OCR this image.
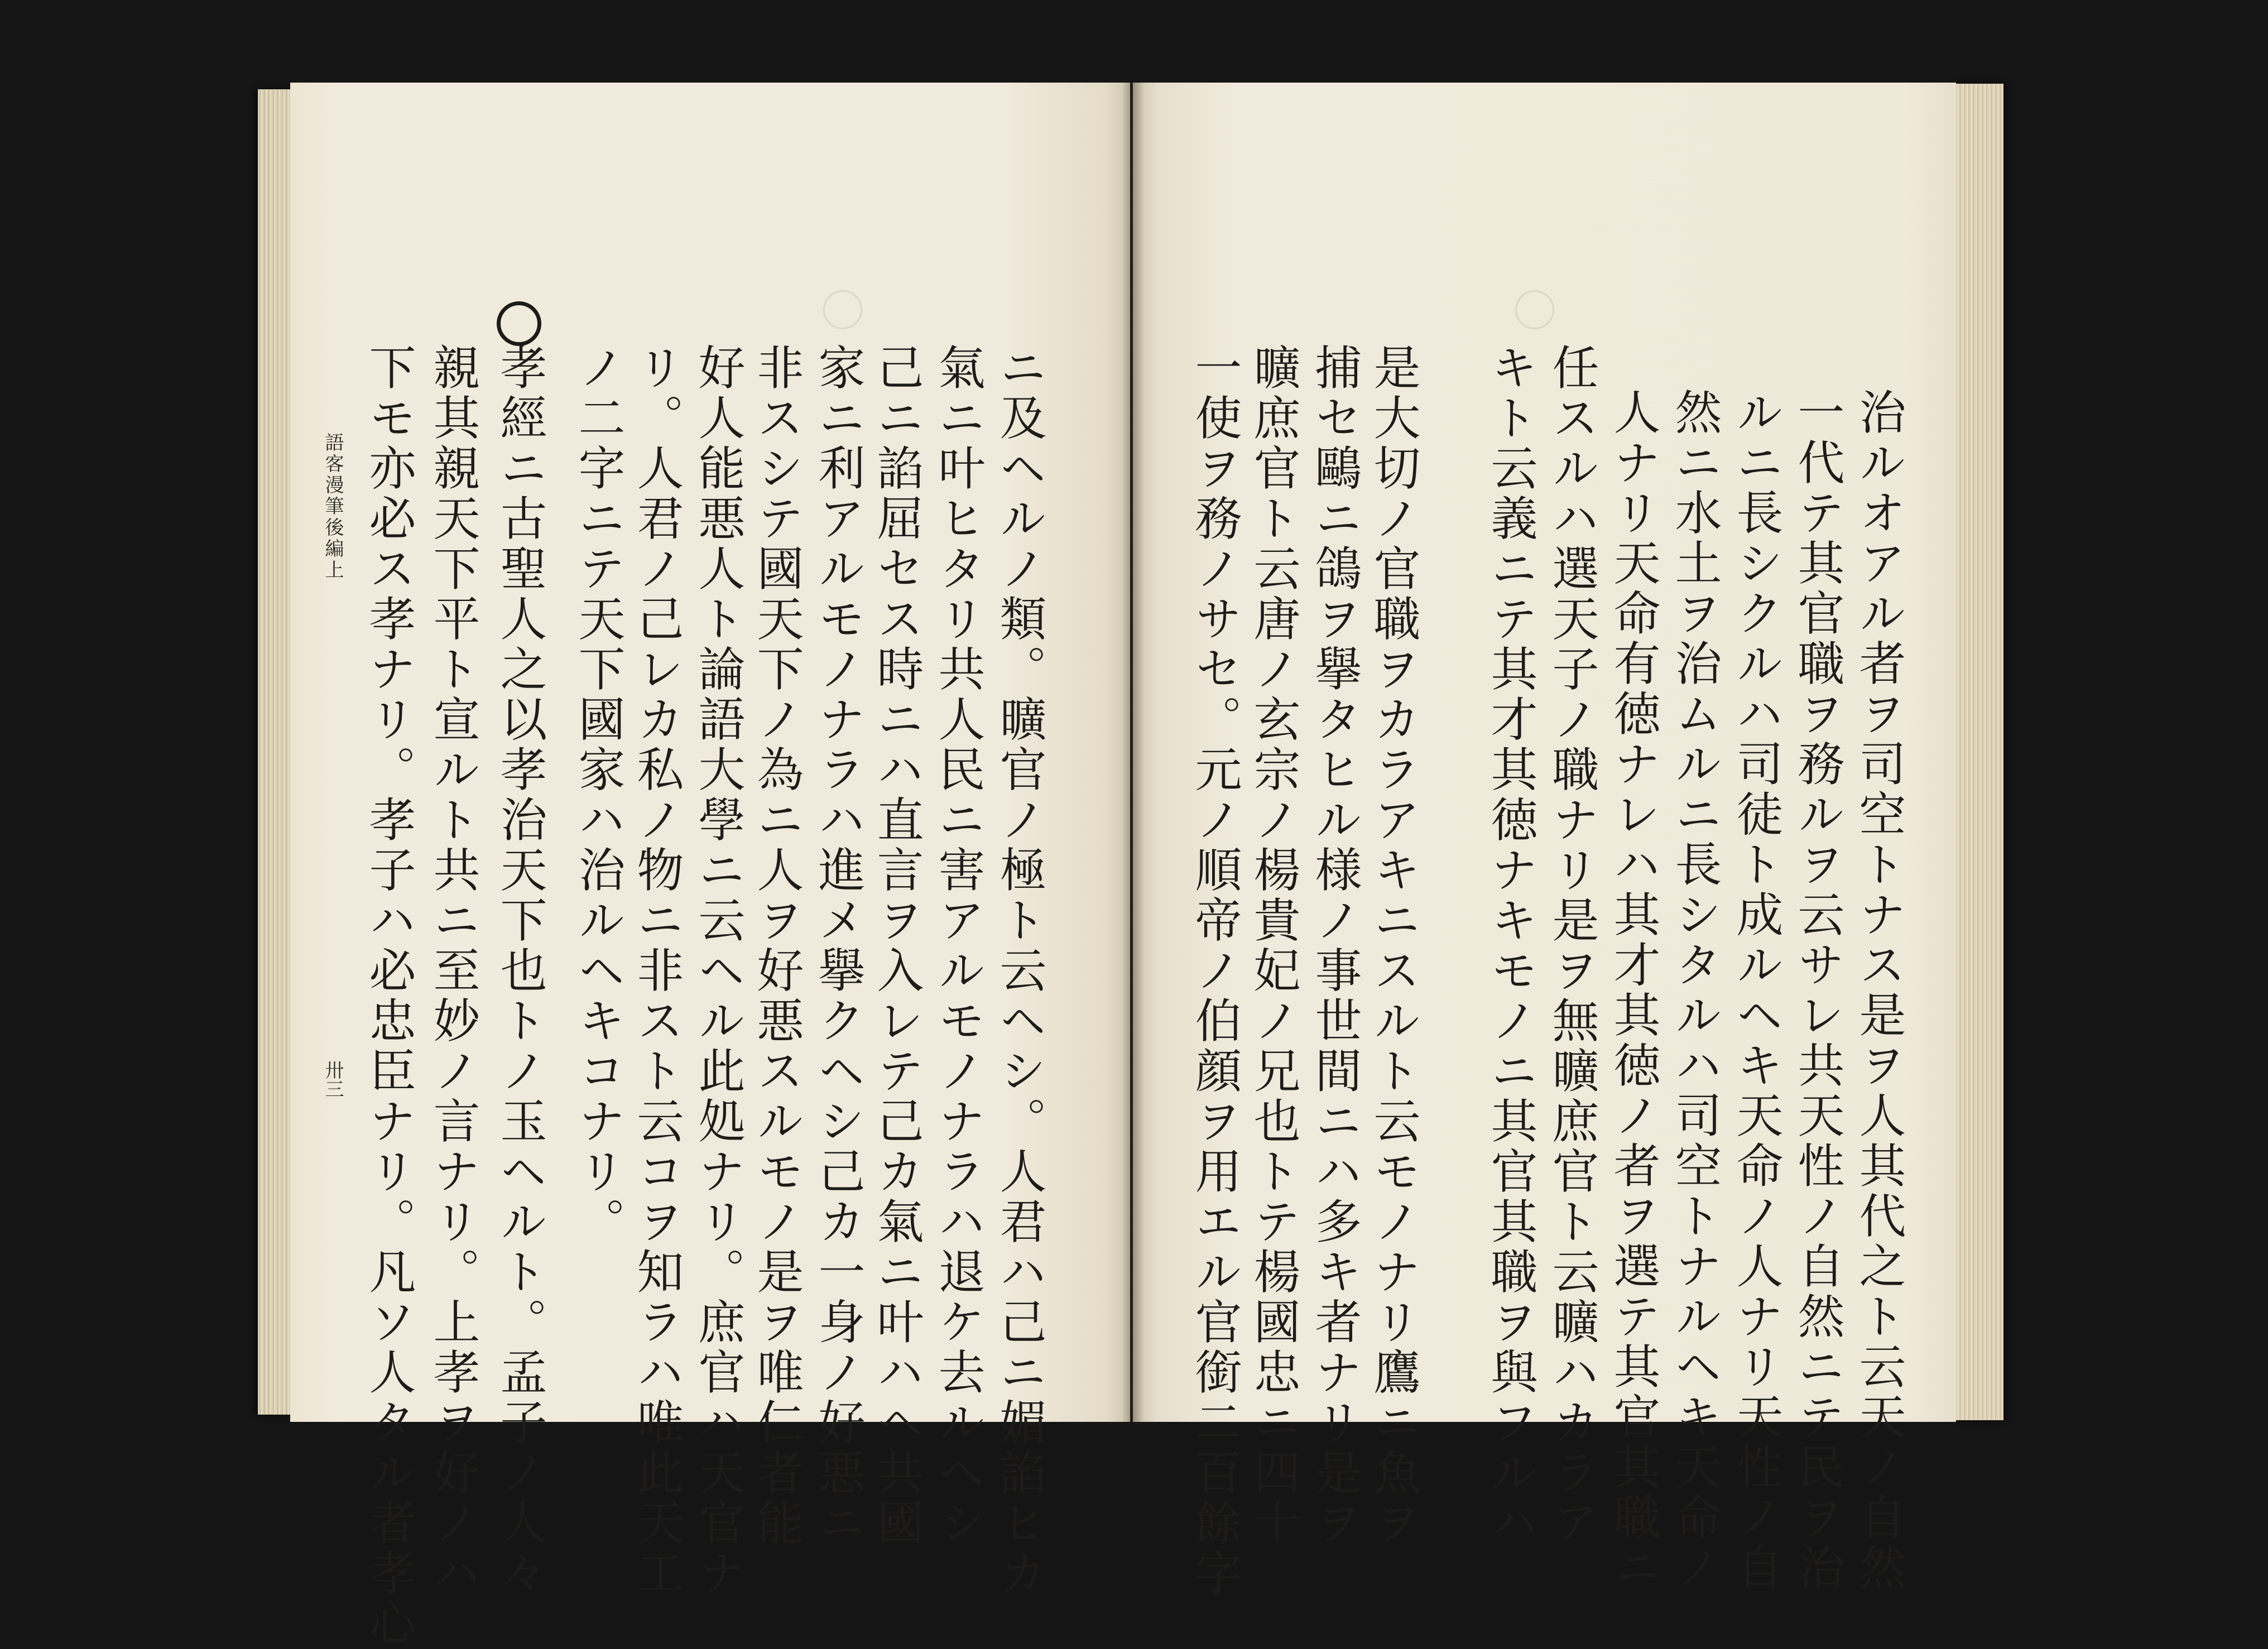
ニ及ヘルノ類。曠官ノ極ト云ヘシ。人君ハ己ニ媚諂ヒカ
氣ニ叶ヒタリ共人民ニ害アルモノナラハ退ケ去ルヘシ
己ニ諂屈セス時ニハ直言ヲ入レテ己カ氣ニ叶ハヘ共國
家ニ利アルモノナラハ進メ擧クヘシ己カ一身ノ好悪ニ
非スシテ國天下ノ為ニ人ヲ好悪スルモノ是ヲ唯仁者能
好人能悪人ト論語大學ニ云ヘル此処ナリ。庶官ハ天官ナ
リ。人君ノ己レカ私ノ物ニ非スト云コヲ知ラハ唯此天工
ノ二字ニテ天下國家ハ治ルヘキコナリ。
孝經ニ古聖人之以孝治天下也トノ玉ヘルト。孟子ノ人々
親其親天下平ト宣ルト共ニ至妙ノ言ナリ。上孝ヲ好ノハ
下モ亦必ス孝ナリ。孝子ハ必忠臣ナリ。凡ソ人タル者孝心
語客漫筆後編上
卅三	治ルオアル者ヲ司空トナス是ヲ人其代之ト云天ノ自然
一代テ其官職ヲ務ルヲ云サレ共天性ノ自然ニテ民ヲ治
ルニ長シクルハ司徒ト成ルヘキ天命ノ人ナリ天性ノ自
然ニ水土ヲ治ムルニ長シタルハ司空トナルヘキ天命ノ
人ナリ天命有徳ナレハ其才其徳ノ者ヲ選テ其官其職ニ
任スルハ選天子ノ職ナリ是ヲ無曠庶官ト云曠ハカラア
キト云義ニテ其才其徳ナキモノニ其官其職ヲ與フルハ
是大切ノ官職ヲカラアキニスルト云モノナリ鷹ニ魚ヲ
捕セ鷗ニ鴿ヲ擧タヒル様ノ事世間ニハ多キ者ナリ是ヲ
曠庶官ト云唐ノ玄宗ノ楊貴妃ノ兄也トテ楊國忠ニ四十
一使ヲ務ノサセ。元ノ順帝ノ伯顔ヲ用エル官銜二百餘字
